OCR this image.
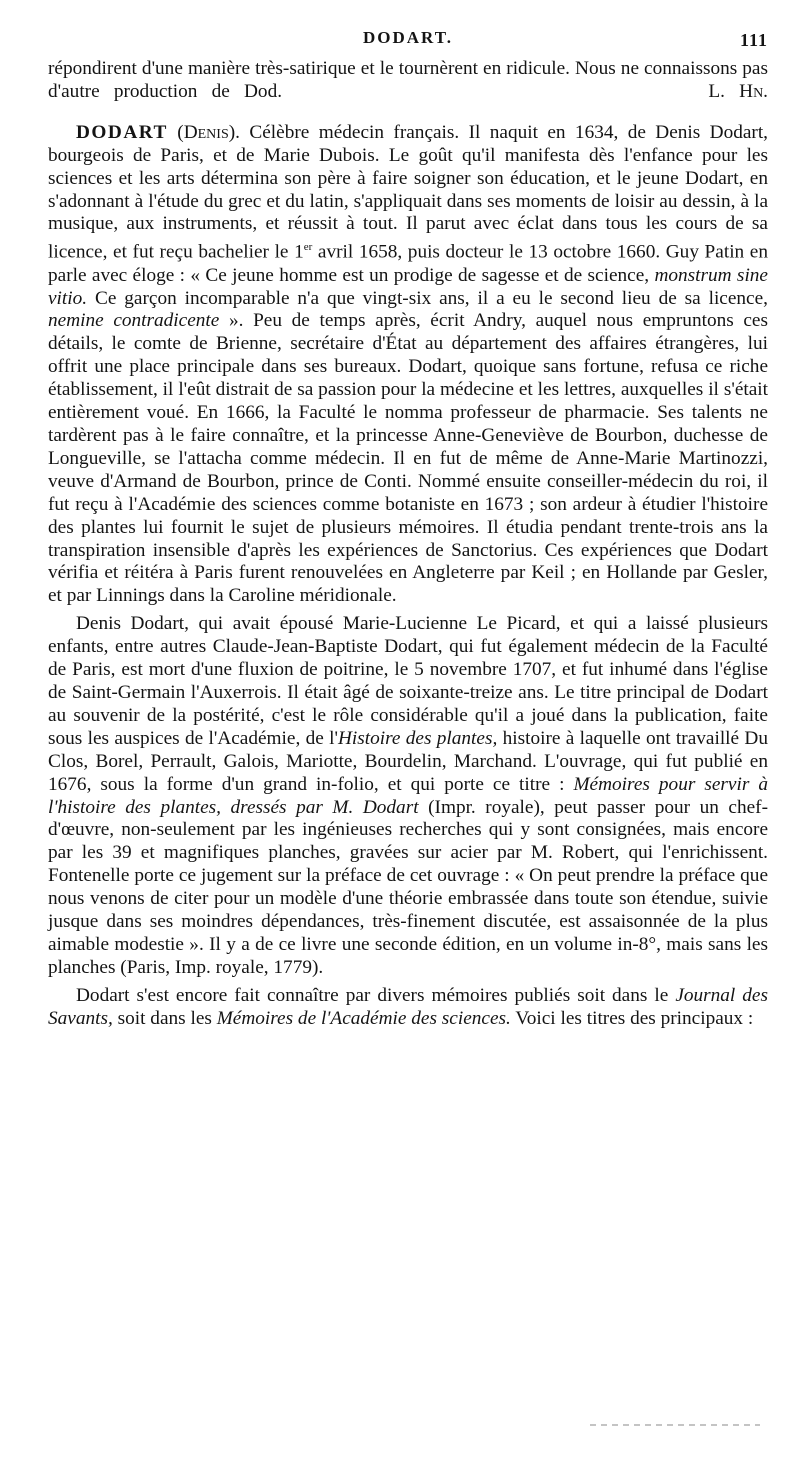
DODART.	111

répondirent d'une manière très-satirique et le tournèrent en ridicule. Nous ne connaissons pas d'autre production de Dod.	L. Hn.

DODART (Denis). Célèbre médecin français. Il naquit en 1634, de Denis Dodart, bourgeois de Paris, et de Marie Dubois. Le goût qu'il manifesta dès l'enfance pour les sciences et les arts détermina son père à faire soigner son éducation, et le jeune Dodart, en s'adonnant à l'étude du grec et du latin, s'appliquait dans ses moments de loisir au dessin, à la musique, aux instruments, et réussit à tout. Il parut avec éclat dans tous les cours de sa licence, et fut reçu bachelier le 1er avril 1658, puis docteur le 13 octobre 1660. Guy Patin en parle avec éloge : « Ce jeune homme est un prodige de sagesse et de science, monstrum sine vitio. Ce garçon incomparable n'a que vingt-six ans, il a eu le second lieu de sa licence, nemine contradicente ». Peu de temps après, écrit Andry, auquel nous empruntons ces détails, le comte de Brienne, secrétaire d'État au département des affaires étrangères, lui offrit une place principale dans ses bureaux. Dodart, quoique sans fortune, refusa ce riche établissement, il l'eût distrait de sa passion pour la médecine et les lettres, auxquelles il s'était entièrement voué. En 1666, la Faculté le nomma professeur de pharmacie. Ses talents ne tardèrent pas à le faire connaître, et la princesse Anne-Geneviève de Bourbon, duchesse de Longueville, se l'attacha comme médecin. Il en fut de même de Anne-Marie Martinozzi, veuve d'Armand de Bourbon, prince de Conti. Nommé ensuite conseiller-médecin du roi, il fut reçu à l'Académie des sciences comme botaniste en 1673 ; son ardeur à étudier l'histoire des plantes lui fournit le sujet de plusieurs mémoires. Il étudia pendant trente-trois ans la transpiration insensible d'après les expériences de Sanctorius. Ces expériences que Dodart vérifia et réitéra à Paris furent renouvelées en Angleterre par Keil ; en Hollande par Gesler, et par Linnings dans la Caroline méridionale.

Denis Dodart, qui avait épousé Marie-Lucienne Le Picard, et qui a laissé plusieurs enfants, entre autres Claude-Jean-Baptiste Dodart, qui fut également médecin de la Faculté de Paris, est mort d'une fluxion de poitrine, le 5 novembre 1707, et fut inhumé dans l'église de Saint-Germain l'Auxerrois. Il était âgé de soixante-treize ans. Le titre principal de Dodart au souvenir de la postérité, c'est le rôle considérable qu'il a joué dans la publication, faite sous les auspices de l'Académie, de l'Histoire des plantes, histoire à laquelle ont travaillé Du Clos, Borel, Perrault, Galois, Mariotte, Bourdelin, Marchand. L'ouvrage, qui fut publié en 1676, sous la forme d'un grand in-folio, et qui porte ce titre : Mémoires pour servir à l'histoire des plantes, dressés par M. Dodart (Impr. royale), peut passer pour un chef-d'œuvre, non-seulement par les ingénieuses recherches qui y sont consignées, mais encore par les 39 et magnifiques planches, gravées sur acier par M. Robert, qui l'enrichissent. Fontenelle porte ce jugement sur la préface de cet ouvrage : « On peut prendre la préface que nous venons de citer pour un modèle d'une théorie embrassée dans toute son étendue, suivie jusque dans ses moindres dépendances, très-finement discutée, est assaisonnée de la plus aimable modestie ». Il y a de ce livre une seconde édition, en un volume in-8°, mais sans les planches (Paris, Imp. royale, 1779).

Dodart s'est encore fait connaître par divers mémoires publiés soit dans le Journal des Savants, soit dans les Mémoires de l'Académie des sciences. Voici les titres des principaux :
